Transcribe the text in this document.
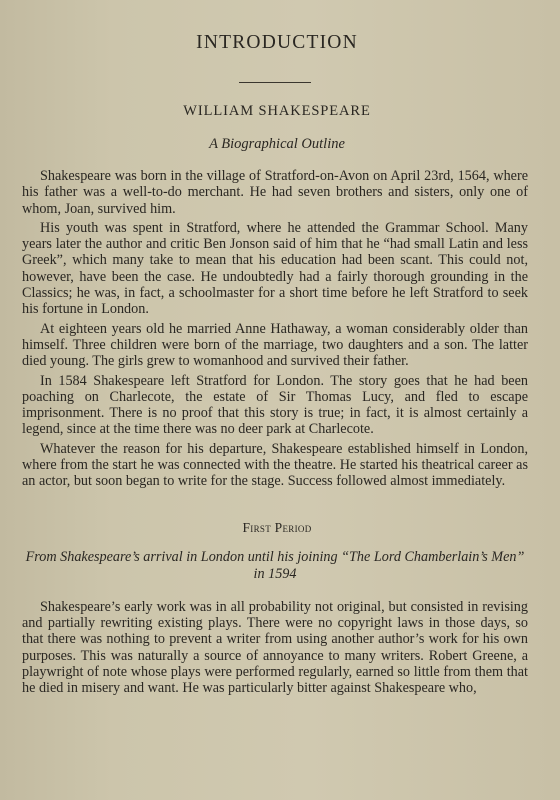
INTRODUCTION
WILLIAM SHAKESPEARE
A Biographical Outline

Shakespeare was born in the village of Stratford-on-Avon on April 23rd, 1564, where his father was a well-to-do merchant. He had seven brothers and sisters, only one of whom, Joan, survived him.

His youth was spent in Stratford, where he attended the Grammar School. Many years later the author and critic Ben Jonson said of him that he “had small Latin and less Greek”, which many take to mean that his education had been scant. This could not, however, have been the case. He undoubtedly had a fairly thorough grounding in the Classics; he was, in fact, a schoolmaster for a short time before he left Stratford to seek his fortune in London.

At eighteen years old he married Anne Hathaway, a woman considerably older than himself. Three children were born of the marriage, two daughters and a son. The latter died young. The girls grew to womanhood and survived their father.

In 1584 Shakespeare left Stratford for London. The story goes that he had been poaching on Charlecote, the estate of Sir Thomas Lucy, and fled to escape imprisonment. There is no proof that this story is true; in fact, it is almost certainly a legend, since at the time there was no deer park at Charlecote.

Whatever the reason for his departure, Shakespeare established himself in London, where from the start he was connected with the theatre. He started his theatrical career as an actor, but soon began to write for the stage. Success followed almost immediately.

First Period
From Shakespeare’s arrival in London until his joining “The Lord Chamberlain’s Men” in 1594

Shakespeare’s early work was in all probability not original, but consisted in revising and partially rewriting existing plays. There were no copyright laws in those days, so that there was nothing to prevent a writer from using another author’s work for his own purposes. This was naturally a source of annoyance to many writers. Robert Greene, a playwright of note whose plays were performed regularly, earned so little from them that he died in misery and want. He was particularly bitter against Shakespeare who,
